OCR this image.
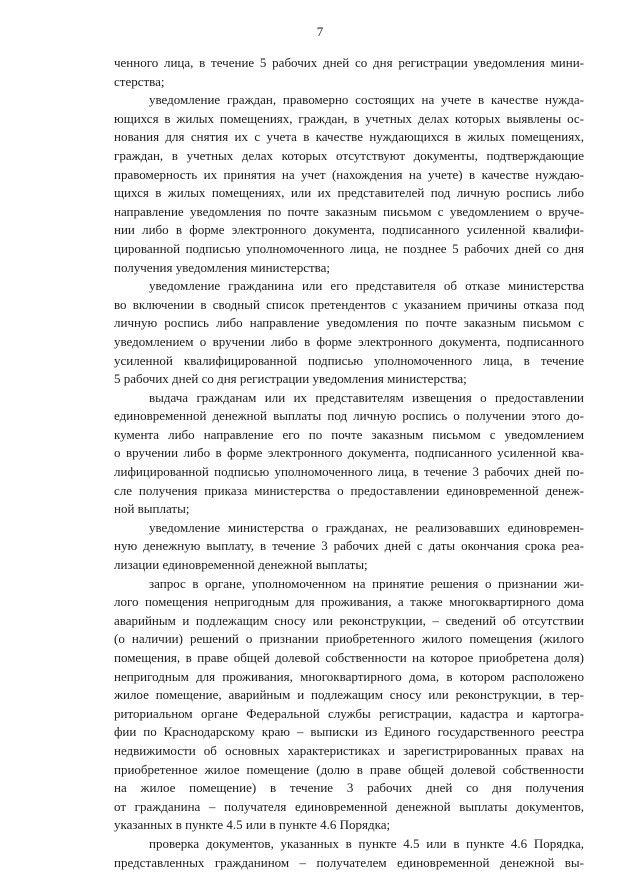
7
ченного лица, в течение 5 рабочих дней со дня регистрации уведомления мини-
стерства;
уведомление граждан, правомерно состоящих на учете в качестве нужда-
ющихся в жилых помещениях, граждан, в учетных делах которых выявлены ос-
нования для снятия их с учета в качестве нуждающихся в жилых помещениях,
граждан, в учетных делах которых отсутствуют документы, подтверждающие
правомерность их принятия на учет (нахождения на учете) в качестве нуждаю-
щихся в жилых помещениях, или их представителей под личную роспись либо
направление уведомления по почте заказным письмом с уведомлением о вруче-
нии либо в форме электронного документа, подписанного усиленной квалифи-
цированной подписью уполномоченного лица, не позднее 5 рабочих дней со дня
получения уведомления министерства;
уведомление гражданина или его представителя об отказе министерства
во включении в сводный список претендентов с указанием причины отказа под
личную роспись либо направление уведомления по почте заказным письмом с
уведомлением о вручении либо в форме электронного документа, подписанного
усиленной квалифицированной подписью уполномоченного лица, в течение
5 рабочих дней со дня регистрации уведомления министерства;
выдача гражданам или их представителям извещения о предоставлении
единовременной денежной выплаты под личную роспись о получении этого до-
кумента либо направление его по почте заказным письмом с уведомлением
о вручении либо в форме электронного документа, подписанного усиленной ква-
лифицированной подписью уполномоченного лица, в течение 3 рабочих дней по-
сле получения приказа министерства о предоставлении единовременной денеж-
ной выплаты;
уведомление министерства о гражданах, не реализовавших единовремен-
ную денежную выплату, в течение 3 рабочих дней с даты окончания срока реа-
лизации единовременной денежной выплаты;
запрос в органе, уполномоченном на принятие решения о признании жи-
лого помещения непригодным для проживания, а также многоквартирного дома
аварийным и подлежащим сносу или реконструкции, – сведений об отсутствии
(о наличии) решений о признании приобретенного жилого помещения (жилого
помещения, в праве общей долевой собственности на которое приобретена доля)
непригодным для проживания, многоквартирного дома, в котором расположено
жилое помещение, аварийным и подлежащим сносу или реконструкции, в тер-
риториальном органе Федеральной службы регистрации, кадастра и картогра-
фии по Краснодарскому краю – выписки из Единого государственного реестра
недвижимости об основных характеристиках и зарегистрированных правах на
приобретенное жилое помещение (долю в праве общей долевой собственности
на жилое помещение) в течение 3 рабочих дней со дня получения
от гражданина – получателя единовременной денежной выплаты документов,
указанных в пункте 4.5 или в пункте 4.6 Порядка;
проверка документов, указанных в пункте 4.5 или в пункте 4.6 Порядка,
представленных гражданином – получателем единовременной денежной вы-
